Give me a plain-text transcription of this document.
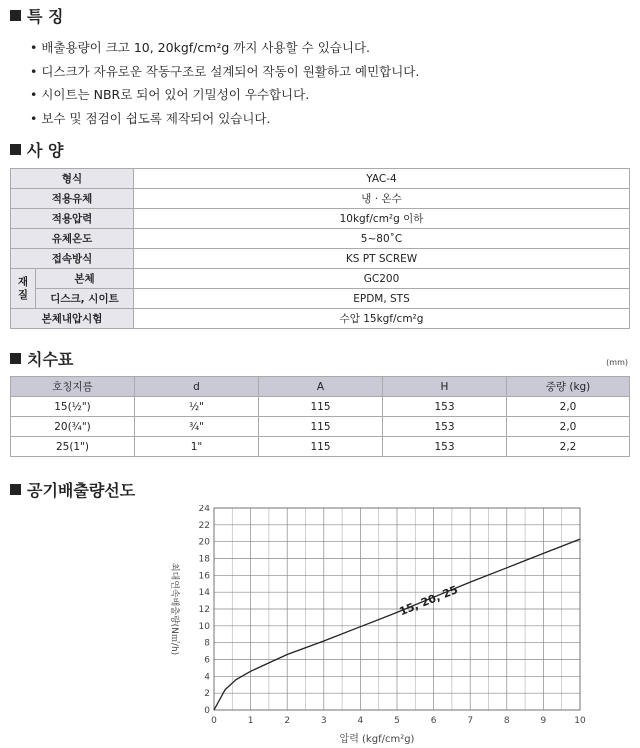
특 징
• 배출용량이 크고 10, 20kgf/cm²g 까지 사용할 수 있습니다.
• 디스크가 자유로운 작동구조로 설계되어 작동이 원활하고 예민합니다.
• 시이트는 NBR로 되어 있어 기밀성이 우수합니다.
• 보수 및 점검이 쉽도록 제작되어 있습니다.
사 양
형식		YAC-4
적용유체		냉 · 온수
적용압력		10kgf/cm²g 이하
유체온도		5~80˚C
접속방식		KS PT SCREW
재질	본체	GC200
	디스크, 시이트	EPDM, STS
본체내압시험		수압 15kgf/cm²g
치수표	(mm)
호칭지름	d	A	H	중량 (kg)
15(½")	½"	115	153	2,0
20(¾")	¾"	115	153	2,0
25(1")	1"	115	153	2,2
공기배출량선도
0	1	2	3	4	5	6	7	8	9	10
0
2
4
6
8
10
12
14
16
18
20
22
24
15, 20, 25
최대연속배출량(N㎥/h)
압력 (kgf/cm²g)
